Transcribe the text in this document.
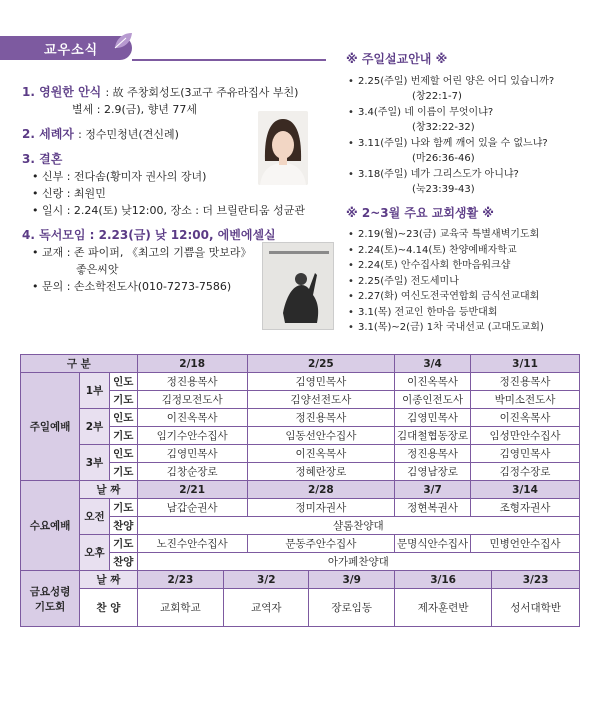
교우소식
1. 영원한 안식 : 故 주창회성도(3교구 주유라집사 부친)
별세 : 2.9(금), 향년 77세
2. 세례자 : 정수민청년(견신례)
3. 결혼
• 신부 : 전다솜(황미자 권사의 장녀)
• 신랑 : 최원민
• 일시 : 2.24(토) 낮12:00, 장소 : 더 브릴란티움 성균관
4. 독서모임 : 2.23(금) 낮 12:00, 에벤에셀실
• 교재 : 존 파이퍼, 《최고의 기쁨을 맛보라》
좋은씨앗
• 문의 : 손소학전도사(010-7273-7586)
※ 주일설교안내 ※
• 2.25(주일) 번제할 어린 양은 어디 있습니까?
(창22:1-7)
• 3.4(주일) 네 이름이 무엇이냐?
(창32:22-32)
• 3.11(주일) 나와 함께 깨어 있을 수 없느냐?
(마26:36-46)
• 3.18(주일) 네가 그리스도가 아니냐?
(눅23:39-43)
※ 2~3월 주요 교회생활 ※
• 2.19(월)~23(금) 교육국 특별새벽기도회
• 2.24(토)~4.14(토) 찬양예배자학교
• 2.24(토) 안수집사회 한마음워크샵
• 2.25(주일) 전도세미나
• 2.27(화) 여신도전국연합회 금식선교대회
• 3.1(목) 전교인 한마음 등반대회
• 3.1(목)~2(금) 1차 국내선교 (고대도교회)
구 분			2/18		2/25		3/4	3/11	
주일예배	1부	인도	정진용목사		김영민목사		이진옥목사	정진용목사	
		기도	김정모전도사		김양선전도사		이종인전도사	박미소전도사	
	2부	인도	이진옥목사		정진용목사		김영민목사	이진옥목사	
		기도	임기수안수집사		임동선안수집사		김대철협동장로	임성만안수집사	
	3부	인도	김영민목사		이진옥목사		정진용목사	김영민목사	
		기도	김창순장로		정혜란장로		김영남장로	김정수장로	
수요예배	날 짜		2/21		2/28		3/7	3/14	
	오전	기도	남갑순권사		정미자권사		정현복권사	조형자권사	
		찬양	샬롬찬양대						
	오후	기도	노진수안수집사		문동주안수집사		문명식안수집사	민병언안수집사	
		찬양	아가페찬양대						

금요성령
기도회	날 짜		2/23	3/2		3/9	3/16		3/23
	찬 양		교회학교	교역자		장로임동	제자훈련반		성서대학반
